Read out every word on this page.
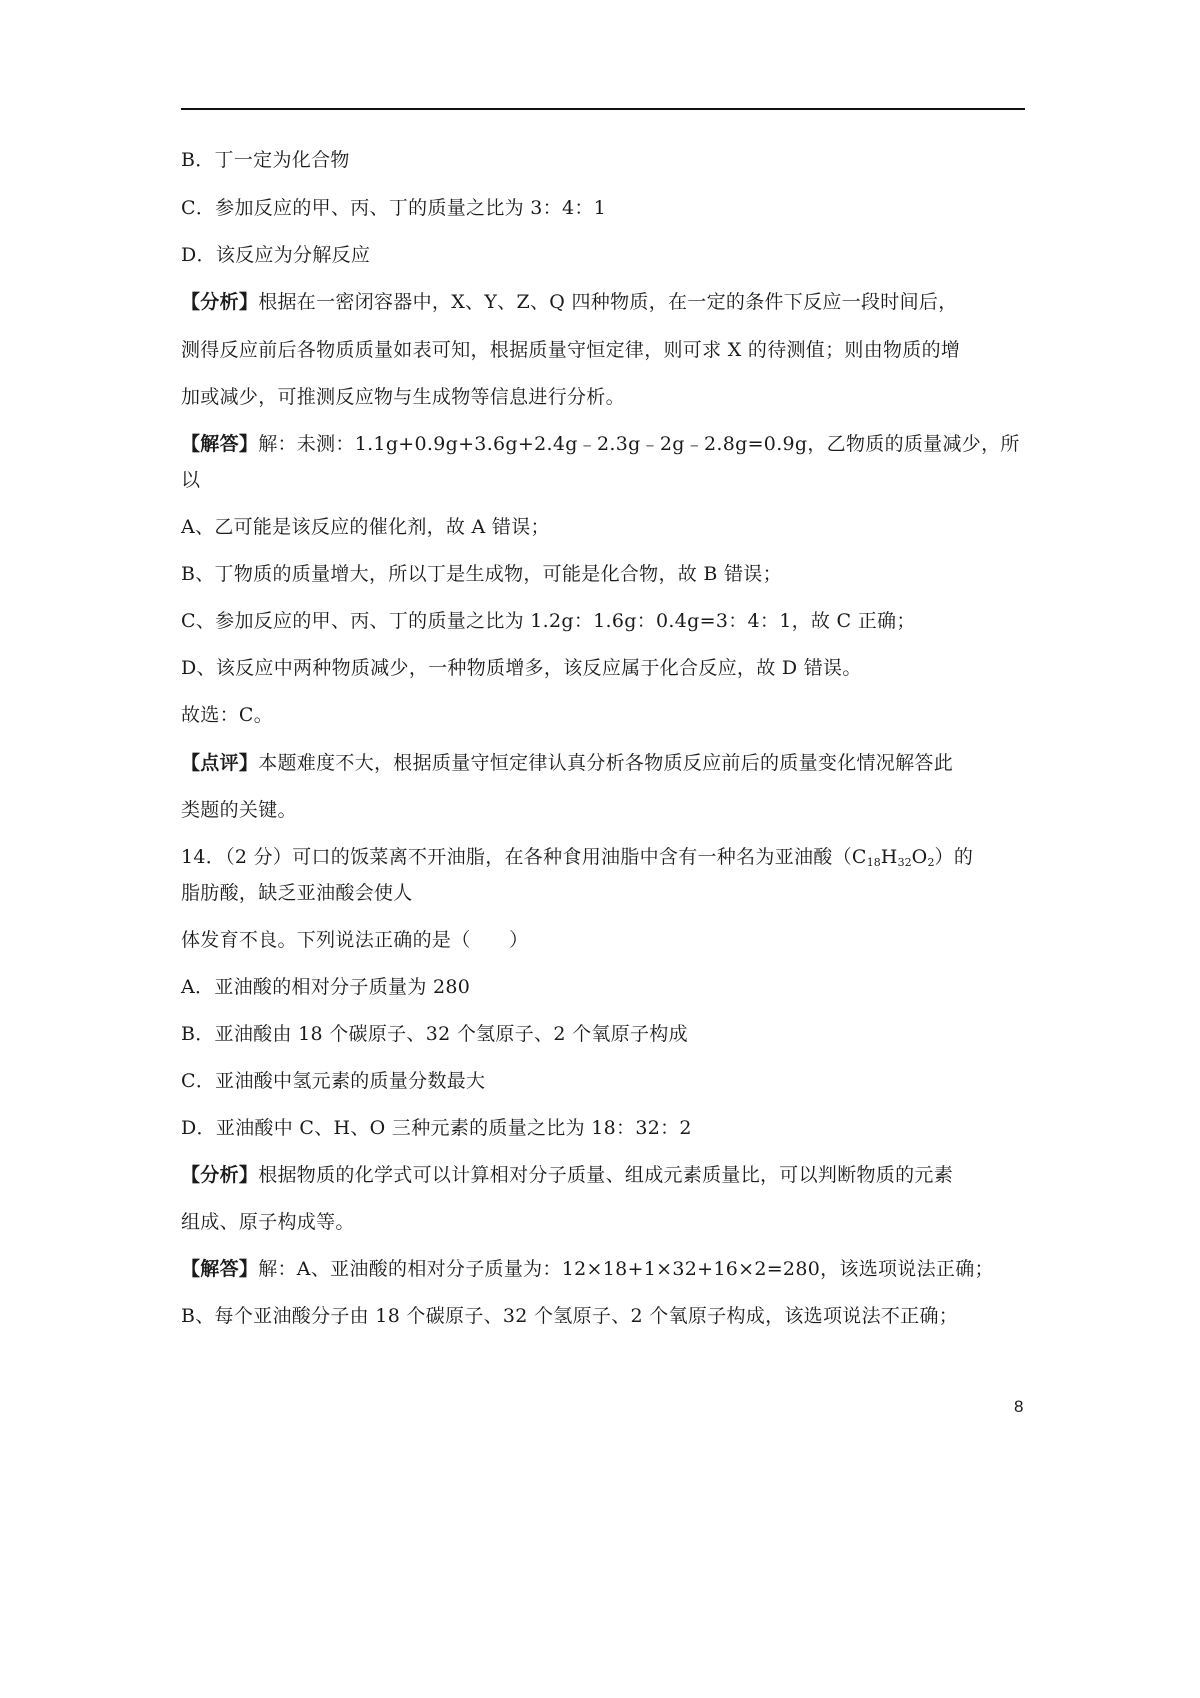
B．丁一定为化合物
C．参加反应的甲、丙、丁的质量之比为 3：4：1
D．该反应为分解反应
【分析】根据在一密闭容器中，X、Y、Z、Q 四种物质，在一定的条件下反应一段时间后，
测得反应前后各物质质量如表可知，根据质量守恒定律，则可求 X 的待测值；则由物质的增
加或减少，可推测反应物与生成物等信息进行分析。
【解答】解：未测：1.1g+0.9g+3.6g+2.4g﹣2.3g﹣2g﹣2.8g=0.9g，乙物质的质量减少，所
以
A、乙可能是该反应的催化剂，故 A 错误；
B、丁物质的质量增大，所以丁是生成物，可能是化合物，故 B 错误；
C、参加反应的甲、丙、丁的质量之比为 1.2g：1.6g：0.4g=3：4：1，故 C 正确；
D、该反应中两种物质减少，一种物质增多，该反应属于化合反应，故 D 错误。
故选：C。
【点评】本题难度不大，根据质量守恒定律认真分析各物质反应前后的质量变化情况解答此
类题的关键。
14．（2 分）可口的饭菜离不开油脂，在各种食用油脂中含有一种名为亚油酸$(C_{18}H_{32}O_2)$的
脂肪酸，缺乏亚油酸会使人
体发育不良。下列说法正确的是（　　）
A．亚油酸的相对分子质量为 280
B．亚油酸由 18 个碳原子、32 个氢原子、2 个氧原子构成
C．亚油酸中氢元素的质量分数最大
D．亚油酸中 C、H、O 三种元素的质量之比为 18：32：2
【分析】根据物质的化学式可以计算相对分子质量、组成元素质量比，可以判断物质的元素
组成、原子构成等。
【解答】解：A、亚油酸的相对分子质量为：12×18+1×32+16×2=280，该选项说法正确；
B、每个亚油酸分子由 18 个碳原子、32 个氢原子、2 个氧原子构成，该选项说法不正确；
8
